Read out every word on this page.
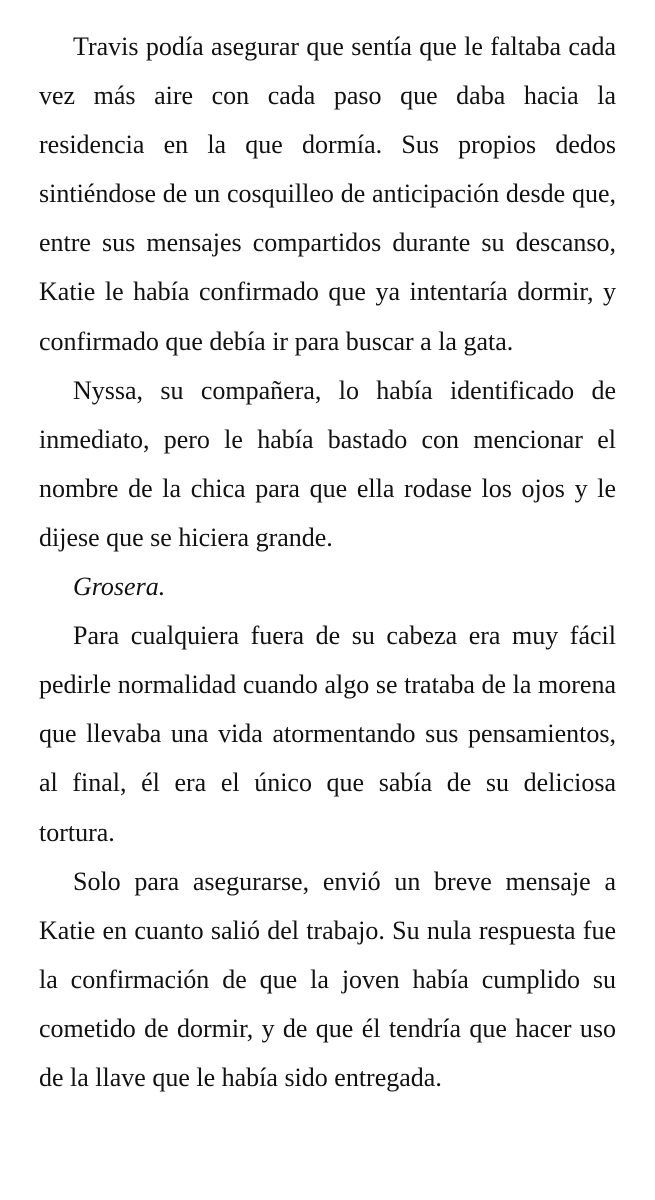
Travis podía asegurar que sentía que le faltaba cada vez más aire con cada paso que daba hacia la residencia en la que dormía. Sus propios dedos sintiéndose de un cosquilleo de anticipación desde que, entre sus mensajes compartidos durante su descanso, Katie le había confirmado que ya intentaría dormir, y confirmado que debía ir para buscar a la gata.

Nyssa, su compañera, lo había identificado de inmediato, pero le había bastado con mencionar el nombre de la chica para que ella rodase los ojos y le dijese que se hiciera grande.

Grosera.

Para cualquiera fuera de su cabeza era muy fácil pedirle normalidad cuando algo se trataba de la morena que llevaba una vida atormentando sus pensamientos, al final, él era el único que sabía de su deliciosa tortura.

Solo para asegurarse, envió un breve mensaje a Katie en cuanto salió del trabajo. Su nula respuesta fue la confirmación de que la joven había cumplido su cometido de dormir, y de que él tendría que hacer uso de la llave que le había sido entregada.
